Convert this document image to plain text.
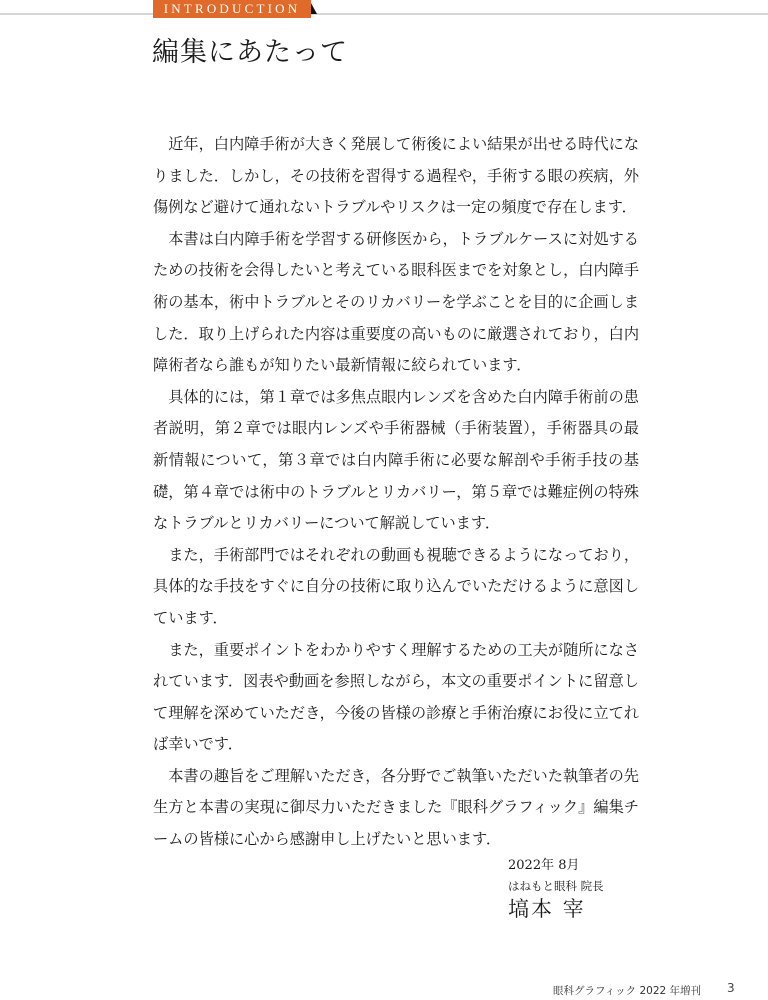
INTRODUCTION
編集にあたって

近年，白内障手術が大きく発展して術後によい結果が出せる時代になりました．しかし，その技術を習得する過程や，手術する眼の疾病，外傷例など避けて通れないトラブルやリスクは一定の頻度で存在します．

本書は白内障手術を学習する研修医から，トラブルケースに対処するための技術を会得したいと考えている眼科医までを対象とし，白内障手術の基本，術中トラブルとそのリカバリーを学ぶことを目的に企画しました．取り上げられた内容は重要度の高いものに厳選されており，白内障術者なら誰もが知りたい最新情報に絞られています．

具体的には，第１章では多焦点眼内レンズを含めた白内障手術前の患者説明，第２章では眼内レンズや手術器械（手術装置），手術器具の最新情報について，第３章では白内障手術に必要な解剖や手術手技の基礎，第４章では術中のトラブルとリカバリー，第５章では難症例の特殊なトラブルとリカバリーについて解説しています．

また，手術部門ではそれぞれの動画も視聴できるようになっており，具体的な手技をすぐに自分の技術に取り込んでいただけるように意図しています．

また，重要ポイントをわかりやすく理解するための工夫が随所になされています．図表や動画を参照しながら，本文の重要ポイントに留意して理解を深めていただき，今後の皆様の診療と手術治療にお役に立てれば幸いです．

本書の趣旨をご理解いただき，各分野でご執筆いただいた執筆者の先生方と本書の実現に御尽力いただきました『眼科グラフィック』編集チームの皆様に心から感謝申し上げたいと思います．

2022年 8月
はねもと眼科 院長
塙本 宰
眼科グラフィック 2022 年増刊 3
